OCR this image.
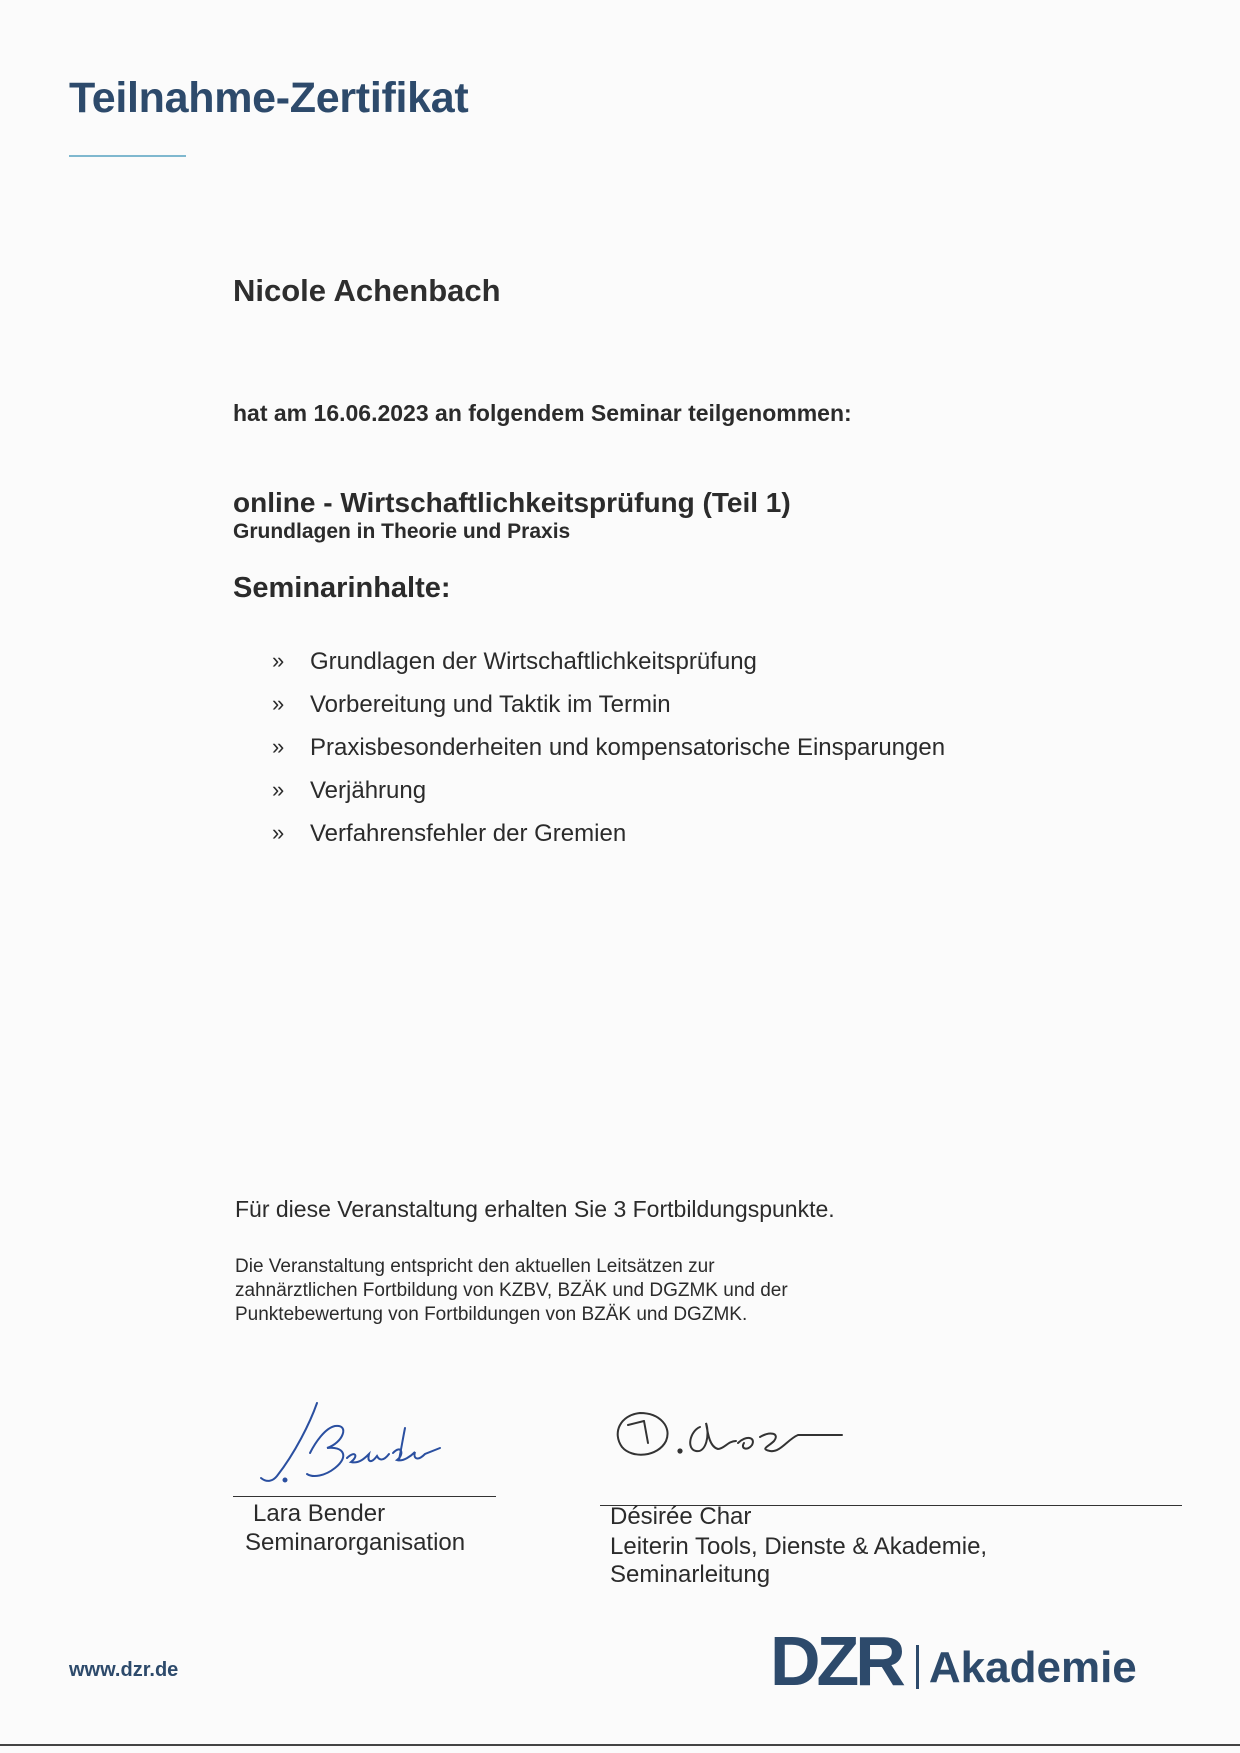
Teilnahme-Zertifikat
Nicole Achenbach
hat am 16.06.2023 an folgendem Seminar teilgenommen:
online - Wirtschaftlichkeitsprüfung (Teil 1)
Grundlagen in Theorie und Praxis
Seminarinhalte:
»	Grundlagen der Wirtschaftlichkeitsprüfung
»	Vorbereitung und Taktik im Termin
»	Praxisbesonderheiten und kompensatorische Einsparungen
»	Verjährung
»	Verfahrensfehler der Gremien
Für diese Veranstaltung erhalten Sie 3 Fortbildungspunkte.
Die Veranstaltung entspricht den aktuellen Leitsätzen zur
zahnärztlichen Fortbildung von KZBV, BZÄK und DGZMK und der
Punktebewertung von Fortbildungen von BZÄK und DGZMK.
Lara Bender
Seminarorganisation
Désirée Char
Leiterin Tools, Dienste & Akademie,
Seminarleitung
www.dzr.de	DZR Akademie
